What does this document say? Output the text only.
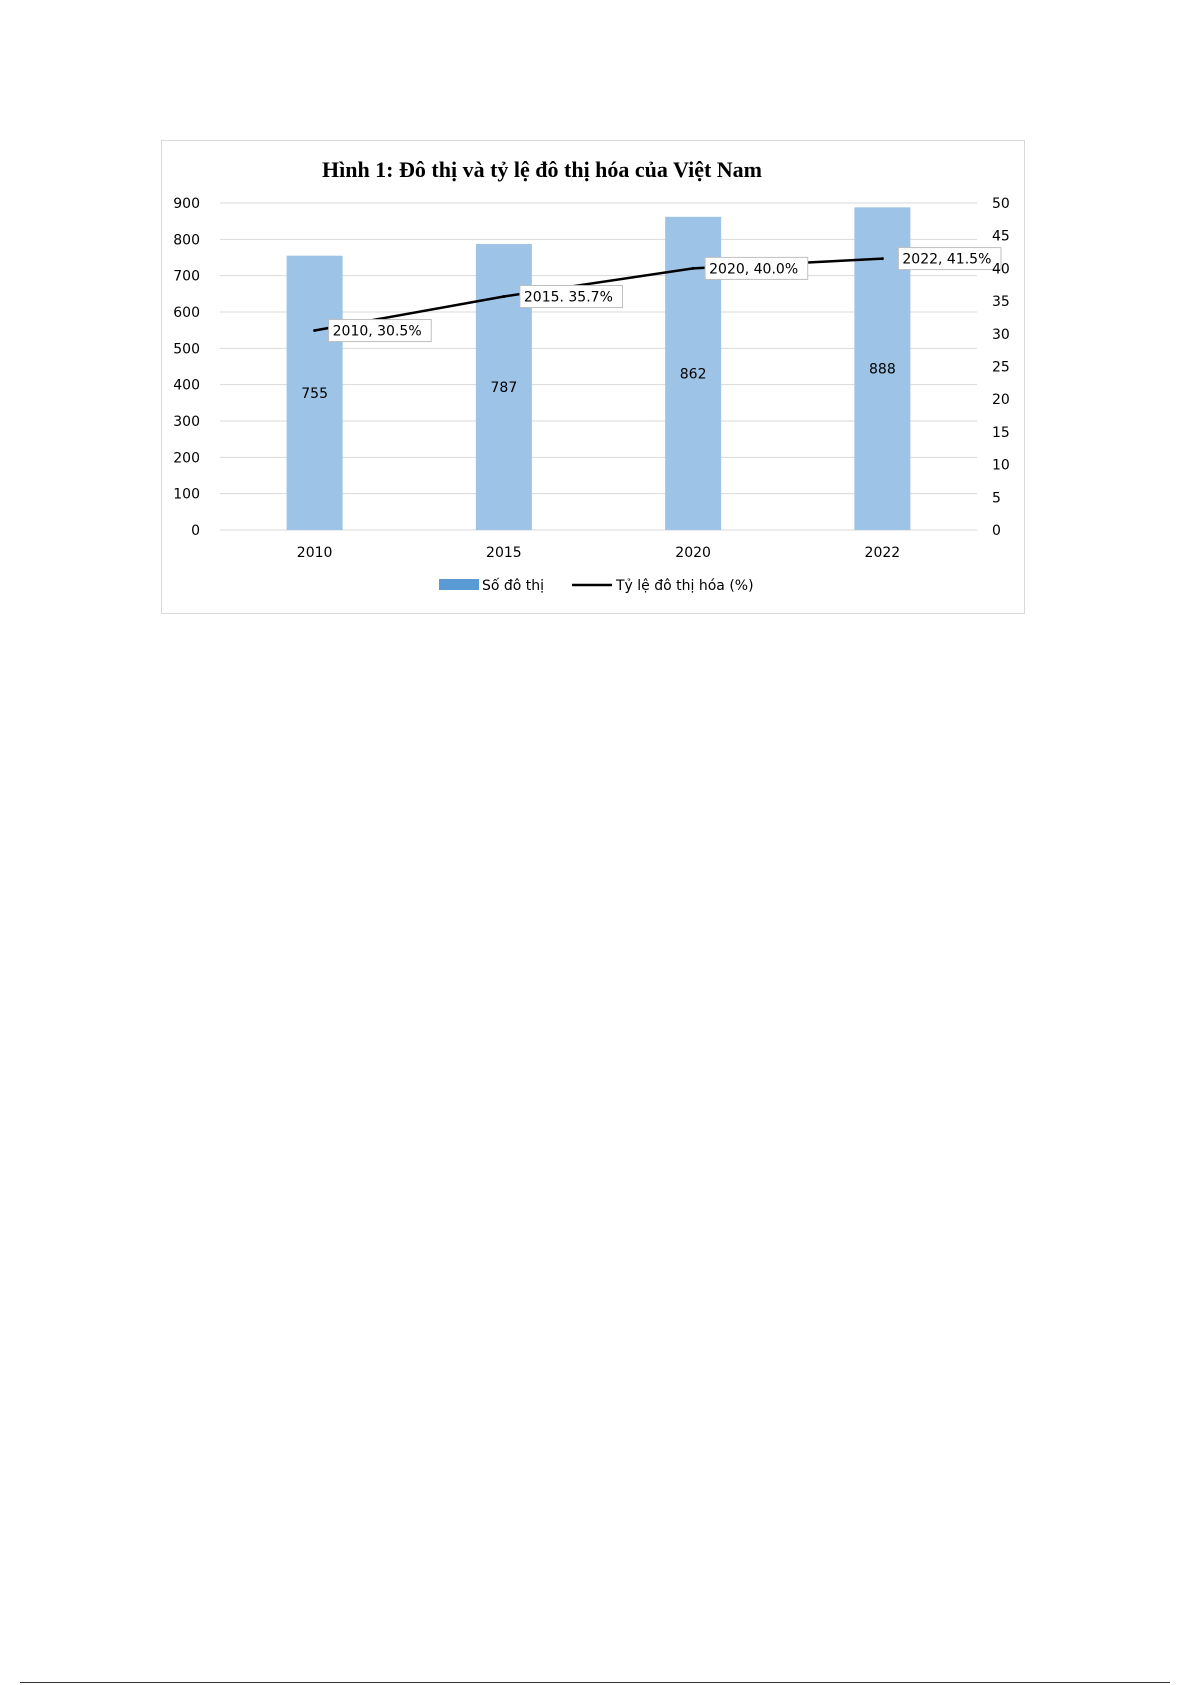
Hình 1: Đô thị và tỷ lệ đô thị hóa của Việt Nam
755	787
862	888
2010, 30.5%
2015. 35.7%
2020, 40.0%
2022, 41.5%
0
100
200
300
400
500
600
700
800
900
0
5
10
15
20
25
30
35
40
45
50
2010	2015	2020	2022
Số đô thị	Tỷ lệ đô thị hóa (%)
